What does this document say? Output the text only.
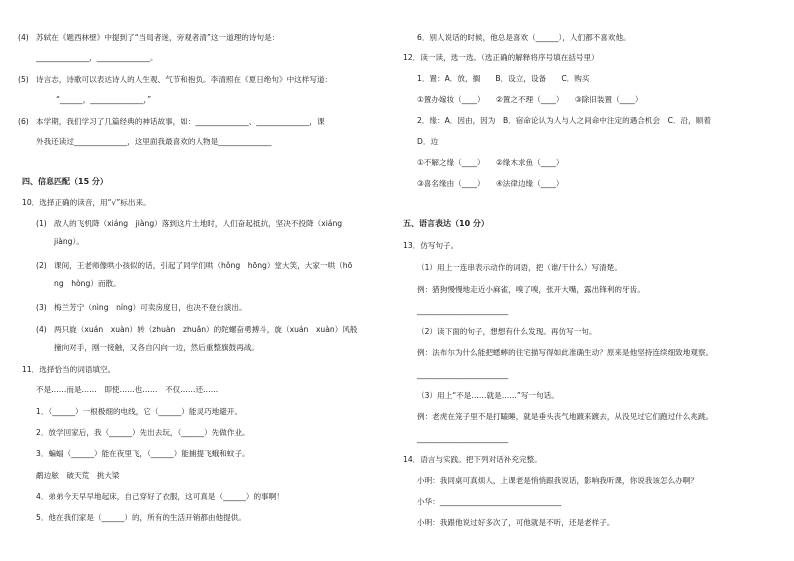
(4) 苏轼在《题西林壁》中提到了“当局者迷，旁观者清”这一道理的诗句是：
______________，______________。
(5) 诗言志，诗歌可以表达诗人的人生观、气节和抱负。李清照在《夏日绝句》中这样写道：
“______，______________，”
(6) 本学期，我们学习了几篇经典的神话故事，如：______________、______________，课
外我还读过______________，这里面我最喜欢的人物是______________
四、信息匹配（15 分）
10．选择正确的读音，用“√”标出来。
(1) 敌人的飞机降（xiáng　jiàng）落到这片土地时，人们奋起抵抗，坚决不投降（xiáng
jiàng）。
(2) 课间，王老师像哄小孩似的话，引起了同学们哄（hǒng　hōng）堂大笑，大家一哄（hō
ng　hòng）而散。
(3) 梅兰芳宁（nìng　níng）可卖房度日，也决不登台演出。
(4) 两只旋（xuán　xuàn）转（zhuàn　zhuǎn）的陀螺奋勇搏斗，旋（xuán　xuàn）风般
撞向对手，刚一接触，又各自闪向一边，然后重整旗鼓再战。
11．选择恰当的词语填空。
不是……而是……　即使……也……　不仅……还……
1．（______）一根极细的电线，它（______）能灵巧地避开。
2．放学回家后，我（______）先出去玩，（______）先做作业。
3．蝙蝠（______）能在夜里飞，（______）能捕提飞蛾和蚊子。
鹬边舷　破天荒　挑大梁
4．弟弟今天早早地起床，自己穿好了衣服，这可真是（______）的事啊！
5．他在我们家是（______）的，所有的生活开销都由他提供。
6．别人说话的时候，他总是喜欢（______），人们都不喜欢他。
12．读一读，选一选。（选正确的解释将序号填在括号里）
1．置：A．放，搁　　B．设立，设备　　C．购买
①置办嫁妆（____）　　②置之不理（____）　　③除旧装置（____）
2．缘：A．因由，因为　B．宿命论认为人与人之间命中注定的遇合机会　C．沿，顺着
D．边
①不解之缘（____）　　②缘木求鱼（____）
③喜名缘由（____）　　④法律边缘（____）
五、语言表达（10 分）
13．仿写句子。
（1）用上一连串表示动作的词语，把（谁/干什么）写清楚。
例：猎狗慢慢地走近小麻雀，嗅了嗅，张开大嘴，露出锋利的牙齿。
________________________
（2）读下面的句子，想想有什么发现。再仿写一句。
例：法布尔为什么能把蟋蟀的住宅描写得如此准确生动？原来是他坚持连续细致地观察。
________________________
（3）用上“不是……就是……”写一句话。
例：老虎在笼子里不是打瞌睡，就是垂头丧气地踱来踱去，从没见过它们跑过什么兆跳。
________________________
14．语言与实践。把下列对话补充完整。
小明：我同桌可真烦人，上课老是悄悄跟我说话，影响我听课，你说我该怎么办啊？
小华：________________________________
小明：我跟他说过好多次了，可他就是不听，还是老样子。
